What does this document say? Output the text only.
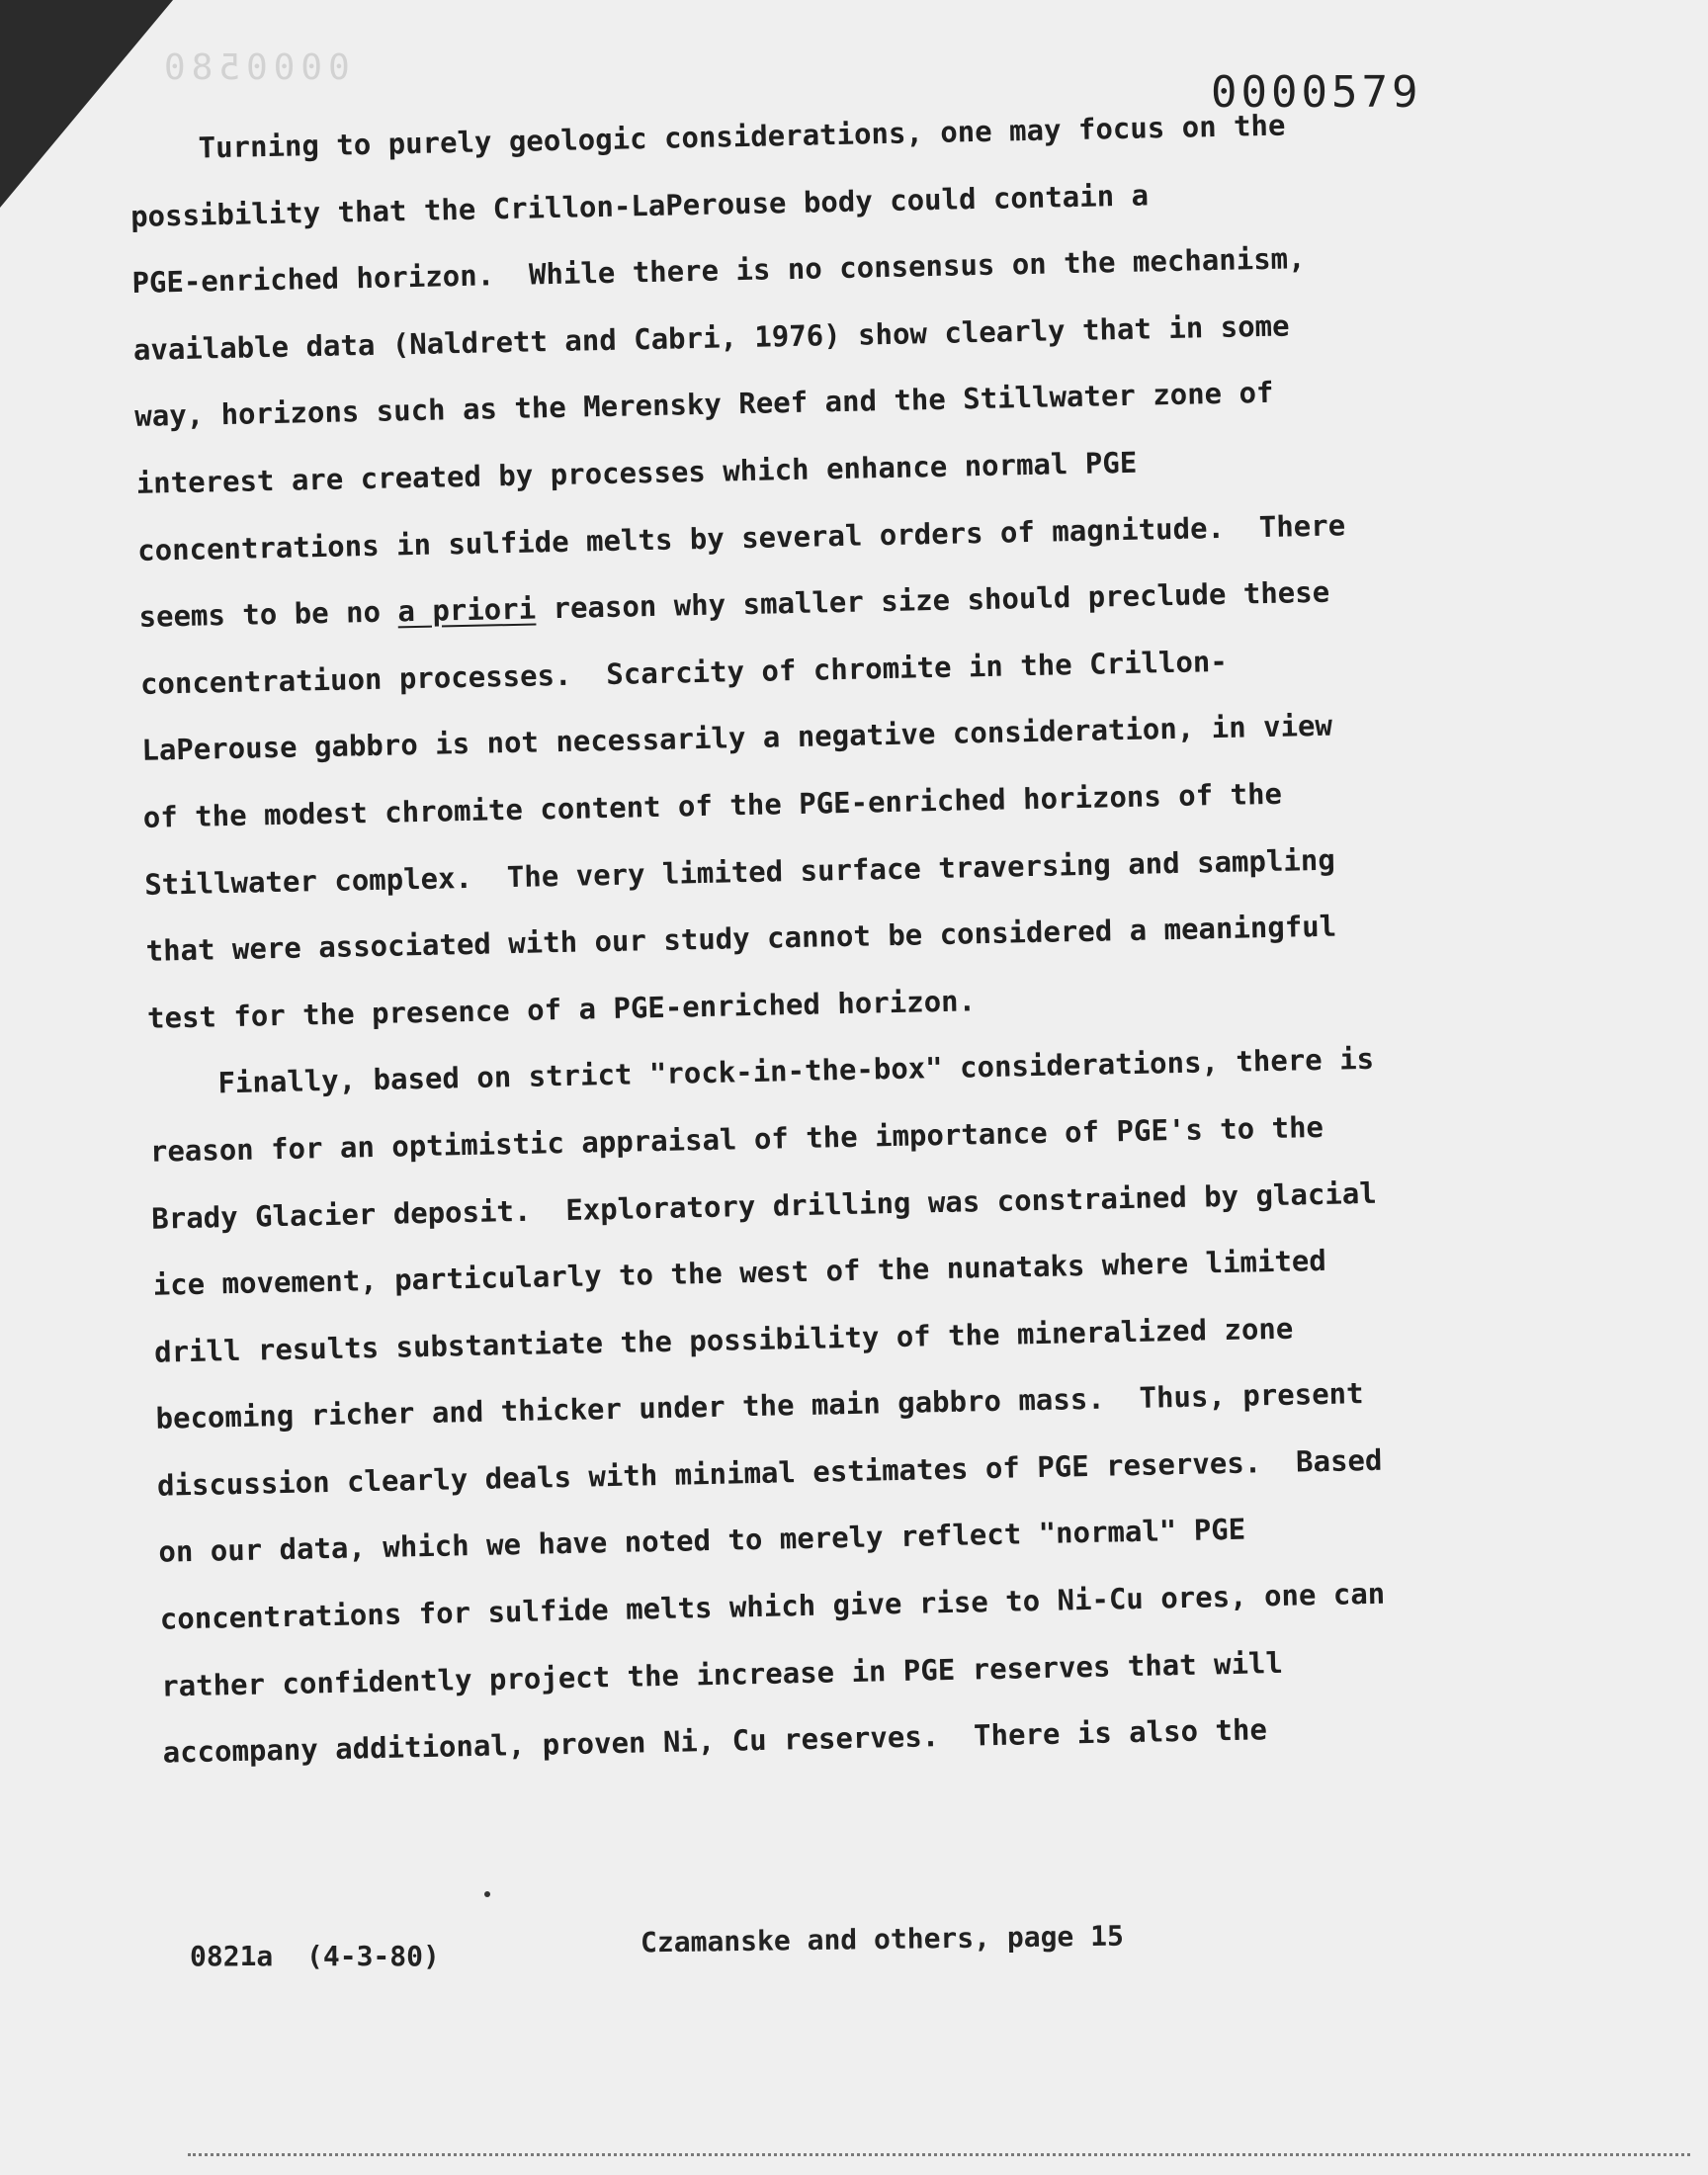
0000580	0000579
Turning to purely geologic considerations, one may focus on the
possibility that the Crillon-LaPerouse body could contain a
PGE-enriched horizon.  While there is no consensus on the mechanism,
available data (Naldrett and Cabri, 1976) show clearly that in some
way, horizons such as the Merensky Reef and the Stillwater zone of
interest are created by processes which enhance normal PGE
concentrations in sulfide melts by several orders of magnitude.  There
seems to be no a priori reason why smaller size should preclude these
concentratiuon processes.  Scarcity of chromite in the Crillon-
LaPerouse gabbro is not necessarily a negative consideration, in view
of the modest chromite content of the PGE-enriched horizons of the
Stillwater complex.  The very limited surface traversing and sampling
that were associated with our study cannot be considered a meaningful
test for the presence of a PGE-enriched horizon.
Finally, based on strict "rock-in-the-box" considerations, there is
reason for an optimistic appraisal of the importance of PGE's to the
Brady Glacier deposit.  Exploratory drilling was constrained by glacial
ice movement, particularly to the west of the nunataks where limited
drill results substantiate the possibility of the mineralized zone
becoming richer and thicker under the main gabbro mass.  Thus, present
discussion clearly deals with minimal estimates of PGE reserves.  Based
on our data, which we have noted to merely reflect "normal" PGE
concentrations for sulfide melts which give rise to Ni-Cu ores, one can
rather confidently project the increase in PGE reserves that will
accompany additional, proven Ni, Cu reserves.  There is also the
0821a  (4-3-80)	Czamanske and others, page 15
